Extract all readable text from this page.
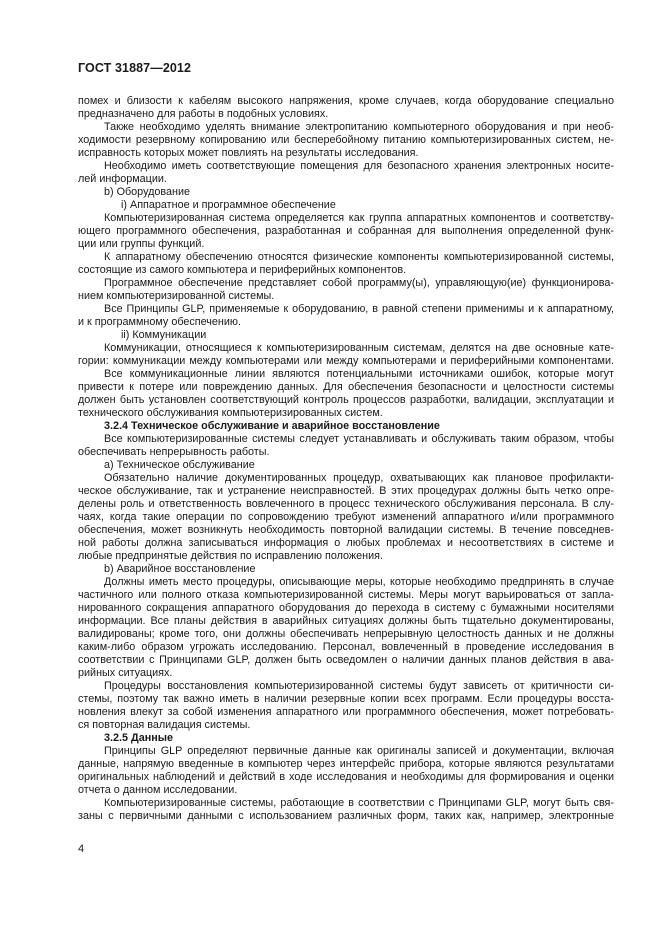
ГОСТ 31887—2012
помех и близости к кабелям высокого напряжения, кроме случаев, когда оборудование специально
предназначено для работы в подобных условиях.
Также необходимо уделять внимание электропитанию компьютерного оборудования и при необ-
ходимости резервному копированию или бесперебойному питанию компьютеризированных систем, не-
исправность которых может повлиять на результаты исследования.
Необходимо иметь соответствующие помещения для безопасного хранения электронных носите-
лей информации.
b) Оборудование
i) Аппаратное и программное обеспечение
Компьютеризированная система определяется как группа аппаратных компонентов и соответству-
ющего программного обеспечения, разработанная и собранная для выполнения определенной функ-
ции или группы функций.
К аппаратному обеспечению относятся физические компоненты компьютеризированной системы,
состоящие из самого компьютера и периферийных компонентов.
Программное обеспечение представляет собой программу(ы), управляющую(ие) функционирова-
нием компьютеризированной системы.
Все Принципы GLP, применяемые к оборудованию, в равной степени применимы и к аппаратному,
и к программному обеспечению.
ii) Коммуникации
Коммуникации, относящиеся к компьютеризированным системам, делятся на две основные кате-
гории: коммуникации между компьютерами или между компьютерами и периферийными компонентами.
Все коммуникационные линии являются потенциальными источниками ошибок, которые могут
привести к потере или повреждению данных. Для обеспечения безопасности и целостности системы
должен быть установлен соответствующий контроль процессов разработки, валидации, эксплуатации и
технического обслуживания компьютеризированных систем.
3.2.4 Техническое обслуживание и аварийное восстановление
Все компьютеризированные системы следует устанавливать и обслуживать таким образом, чтобы
обеспечивать непрерывность работы.
a) Техническое обслуживание
Обязательно наличие документированных процедур, охватывающих как плановое профилакти-
ческое обслуживание, так и устранение неисправностей. В этих процедурах должны быть четко опре-
делены роль и ответственность вовлеченного в процесс технического обслуживания персонала. В слу-
чаях, когда такие операции по сопровождению требуют изменений аппаратного и/или программного
обеспечения, может возникнуть необходимость повторной валидации системы. В течение повседнев-
ной работы должна записываться информация о любых проблемах и несоответствиях в системе и
любые предпринятые действия по исправлению положения.
b) Аварийное восстановление
Должны иметь место процедуры, описывающие меры, которые необходимо предпринять в случае
частичного или полного отказа компьютеризированной системы. Меры могут варьироваться от запла-
нированного сокращения аппаратного оборудования до перехода в систему с бумажными носителями
информации. Все планы действия в аварийных ситуациях должны быть тщательно документированы,
валидированы; кроме того, они должны обеспечивать непрерывную целостность данных и не должны
каким-либо образом угрожать исследованию. Персонал, вовлеченный в проведение исследования в
соответствии с Принципами GLP, должен быть осведомлен о наличии данных планов действия в ава-
рийных ситуациях.
Процедуры восстановления компьютеризированной системы будут зависеть от критичности си-
стемы, поэтому так важно иметь в наличии резервные копии всех программ. Если процедуры восста-
новления влекут за собой изменения аппаратного или программного обеспечения, может потребовать-
ся повторная валидация системы.
3.2.5 Данные
Принципы GLP определяют первичные данные как оригиналы записей и документации, включая
данные, напрямую введенные в компьютер через интерфейс прибора, которые являются результатами
оригинальных наблюдений и действий в ходе исследования и необходимы для формирования и оценки
отчета о данном исследовании.
Компьютеризированные системы, работающие в соответствии с Принципами GLP, могут быть свя-
заны с первичными данными с использованием различных форм, таких как, например, электронные
4
